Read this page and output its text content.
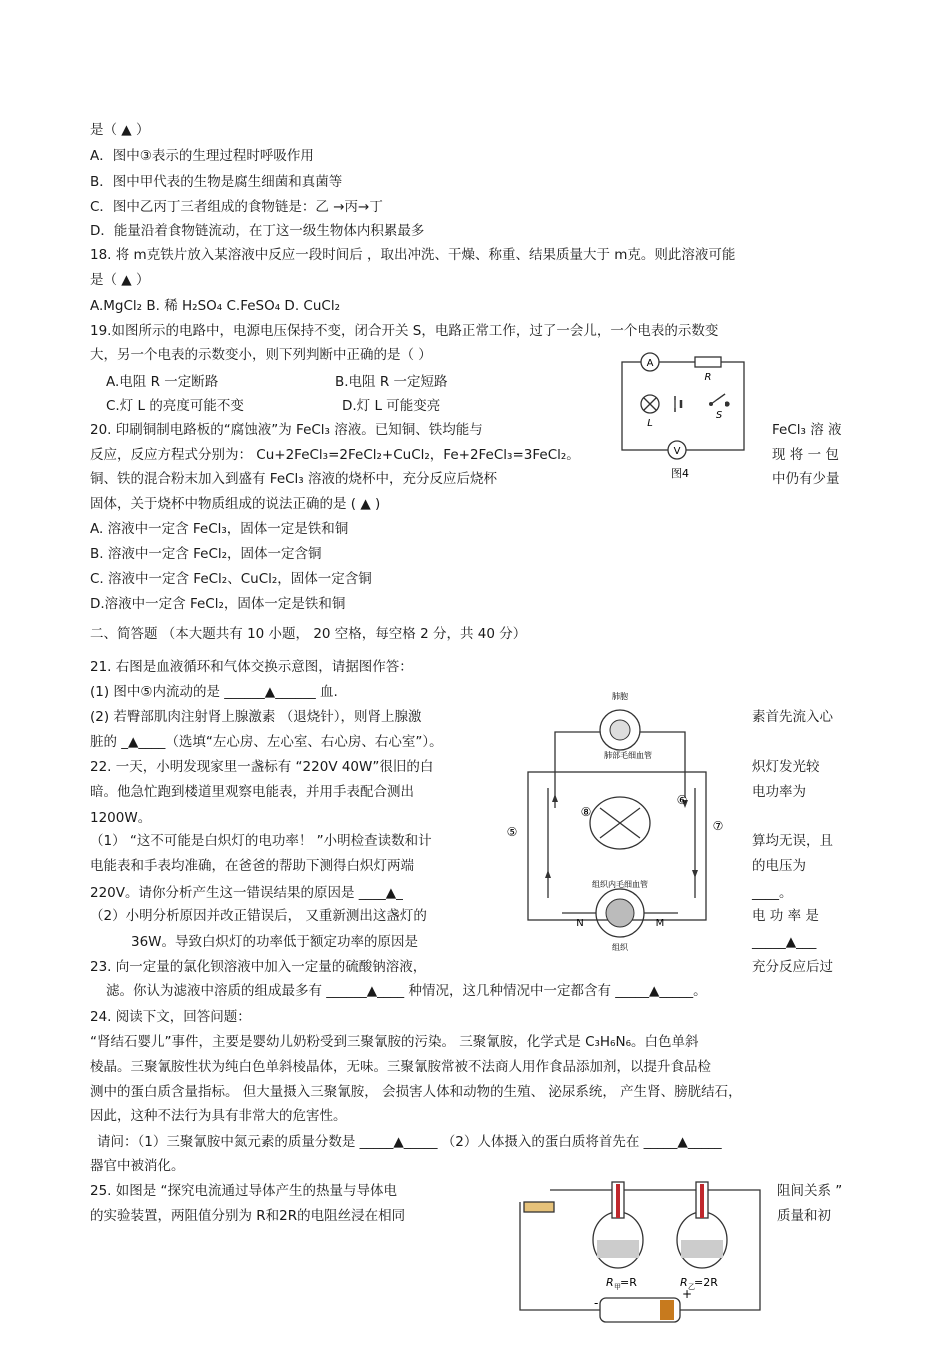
是（ ▲ ）
A．图中③表示的生理过程时呼吸作用
B．图中甲代表的生物是腐生细菌和真菌等
C．图中乙丙丁三者组成的食物链是：乙 →丙→丁
D．能量沿着食物链流动，在丁这一级生物体内积累最多
18. 将 m克铁片放入某溶液中反应一段时间后 ，取出冲洗、干燥、称重、结果质量大于 m克。则此溶液可能
是（ ▲ ）
A.MgCl₂ B. 稀 H₂SO₄ C.FeSO₄ D. CuCl₂
19.如图所示的电路中，电源电压保持不变，闭合开关 S，电路正常工作，过了一会儿，一个电表的示数变
大，另一个电表的示数变小，则下列判断中正确的是（ ）
A.电阻 R 一定断路	B.电阻 R 一定短路
C.灯 L 的亮度可能不变	D.灯 L 可能变亮
20. 印刷铜制电路板的“腐蚀液”为 FeCl₃ 溶液。已知铜、铁均能与	FeCl₃ 溶 液
反应，反应方程式分别为： Cu+2FeCl₃=2FeCl₂+CuCl₂，Fe+2FeCl₃=3FeCl₂。	现 将 一 包
铜、铁的混合粉末加入到盛有 FeCl₃ 溶液的烧杯中，充分反应后烧杯	中仍有少量
固体，关于烧杯中物质组成的说法正确的是 ( ▲ )
A. 溶液中一定含 FeCl₃，固体一定是铁和铜
B. 溶液中一定含 FeCl₂，固体一定含铜
C. 溶液中一定含 FeCl₂、CuCl₂，固体一定含铜
D.溶液中一定含 FeCl₂，固体一定是铁和铜
二、简答题 （本大题共有 10 小题， 20 空格，每空格 2 分，共 40 分）
21. 右图是血液循环和气体交换示意图，请据图作答：
(1) 图中⑤内流动的是 ______▲______ 血.
(2) 若臀部肌肉注射肾上腺激素 （退烧针），则肾上腺激	素首先流入心
脏的 _▲____（选填“左心房、左心室、右心房、右心室”）。
22. 一天，小明发现家里一盏标有 “220V 40W”很旧的白	炽灯发光较
暗。他急忙跑到楼道里观察电能表，并用手表配合测出	电功率为
1200W。
（1） “这不可能是白炽灯的电功率！ ”小明检查读数和计	算均无误，且
电能表和手表均准确，在爸爸的帮助下测得白炽灯两端	的电压为
220V。请你分析产生这一错误结果的原因是 ____▲_	____。
（2）小明分析原因并改正错误后， 又重新测出这盏灯的	电 功 率 是
36W。导致白炽灯的功率低于额定功率的原因是	_____▲___
23. 向一定量的氯化钡溶液中加入一定量的硫酸钠溶液，	充分反应后过
滤。你认为滤液中溶质的组成最多有 ______▲____ 种情况，这几种情况中一定都含有 _____▲_____。
24. 阅读下文，回答问题：
“肾结石婴儿”事件，主要是婴幼儿奶粉受到三聚氰胺的污染。 三聚氰胺，化学式是 C₃H₆N₆。白色单斜
棱晶。三聚氰胺性状为纯白色单斜棱晶体，无味。三聚氰胺常被不法商人用作食品添加剂，以提升食品检
测中的蛋白质含量指标。 但大量摄入三聚氰胺， 会损害人体和动物的生殖、 泌尿系统， 产生肾、膀胱结石，
因此，这种不法行为具有非常大的危害性。
请问：（1）三聚氰胺中氮元素的质量分数是 _____▲_____ （2）人体摄入的蛋白质将首先在 _____▲_____
器官中被消化。
25. 如图是 “探究电流通过导体产生的热量与导体电	阻间关系 ”
的实验装置，两阻值分别为 R和2R的电阻丝浸在相同	质量和初
A
R
L
S
V
图4
肺胞
肺部毛细血管
组织内毛细血管
组织
N	M
⑤
⑥
⑦
⑧
R 甲 =R	R 乙 =2R
-
+
